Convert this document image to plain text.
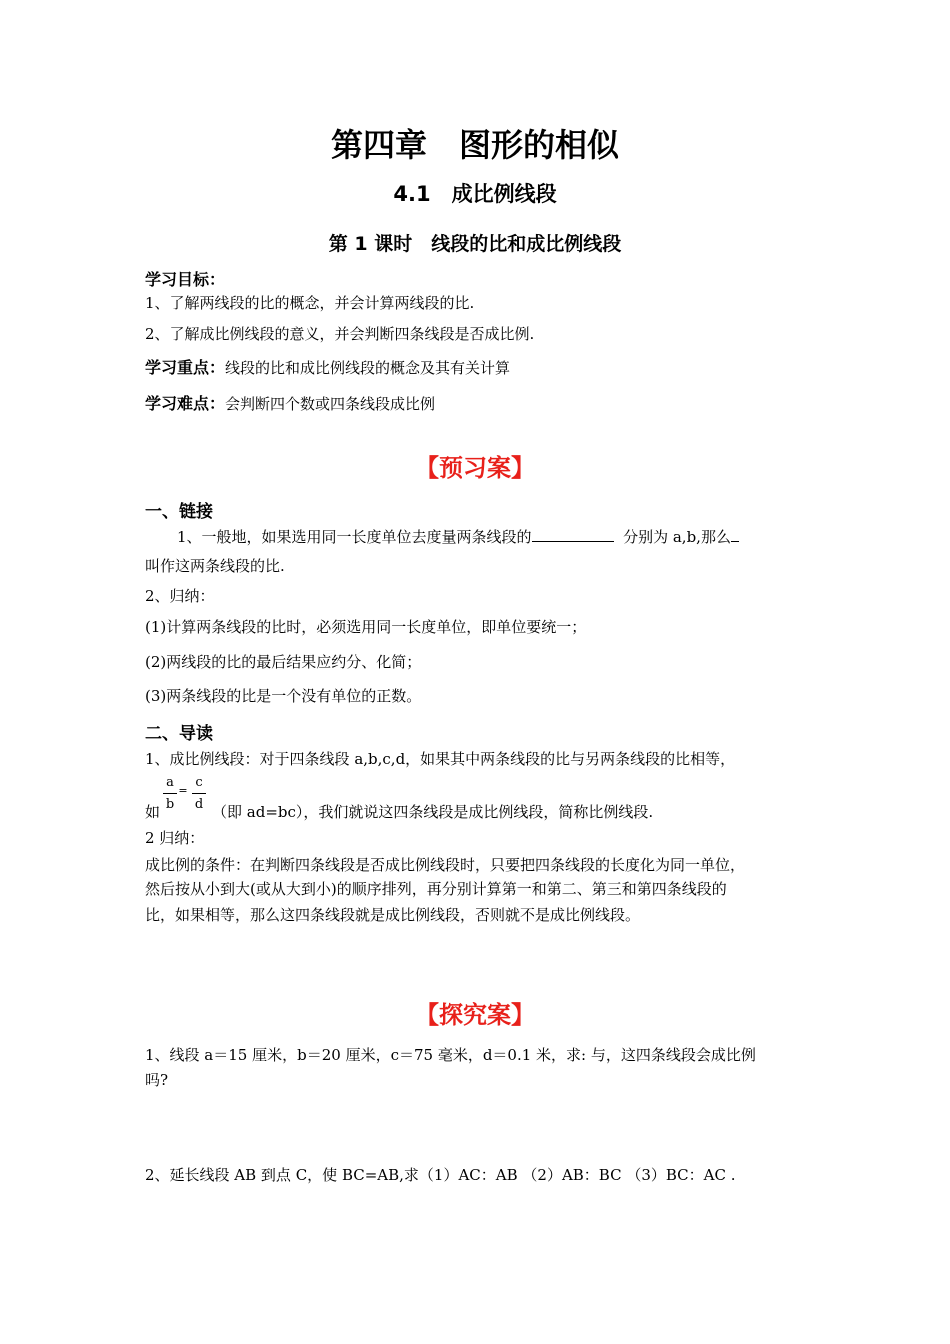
第四章　图形的相似
4.1　成比例线段
第 1 课时　线段的比和成比例线段
学习目标：
1、了解两线段的比的概念，并会计算两线段的比.
2、了解成比例线段的意义，并会判断四条线段是否成比例.
学习重点：线段的比和成比例线段的概念及其有关计算
学习难点：会判断四个数或四条线段成比例
【预习案】
一、链接
1、一般地，如果选用同一长度单位去度量两条线段的	分别为 a,b,那么
叫作这两条线段的比.
2、归纳：
(1)计算两条线段的比时，必须选用同一长度单位，即单位要统一；
(2)两线段的比的最后结果应约分、化简；
(3)两条线段的比是一个没有单位的正数。
二、导读
1、成比例线段：对于四条线段 a,b,c,d，如果其中两条线段的比与另两条线段的比相等，
a
b
=
c
d
如	（即 ad=bc），我们就说这四条线段是成比例线段，简称比例线段.
2 归纳：
成比例的条件：在判断四条线段是否成比例线段时，只要把四条线段的长度化为同一单位，
然后按从小到大(或从大到小)的顺序排列，再分别计算第一和第二、第三和第四条线段的
比，如果相等，那么这四条线段就是成比例线段，否则就不是成比例线段。
【探究案】
1、线段 a＝15 厘米，b＝20 厘米，c＝75 毫米，d＝0.1 米，求: 与，这四条线段会成比例
吗?
2、延长线段 AB 到点 C，使 BC=AB,求（1）AC：AB （2）AB：BC （3）BC：AC .
